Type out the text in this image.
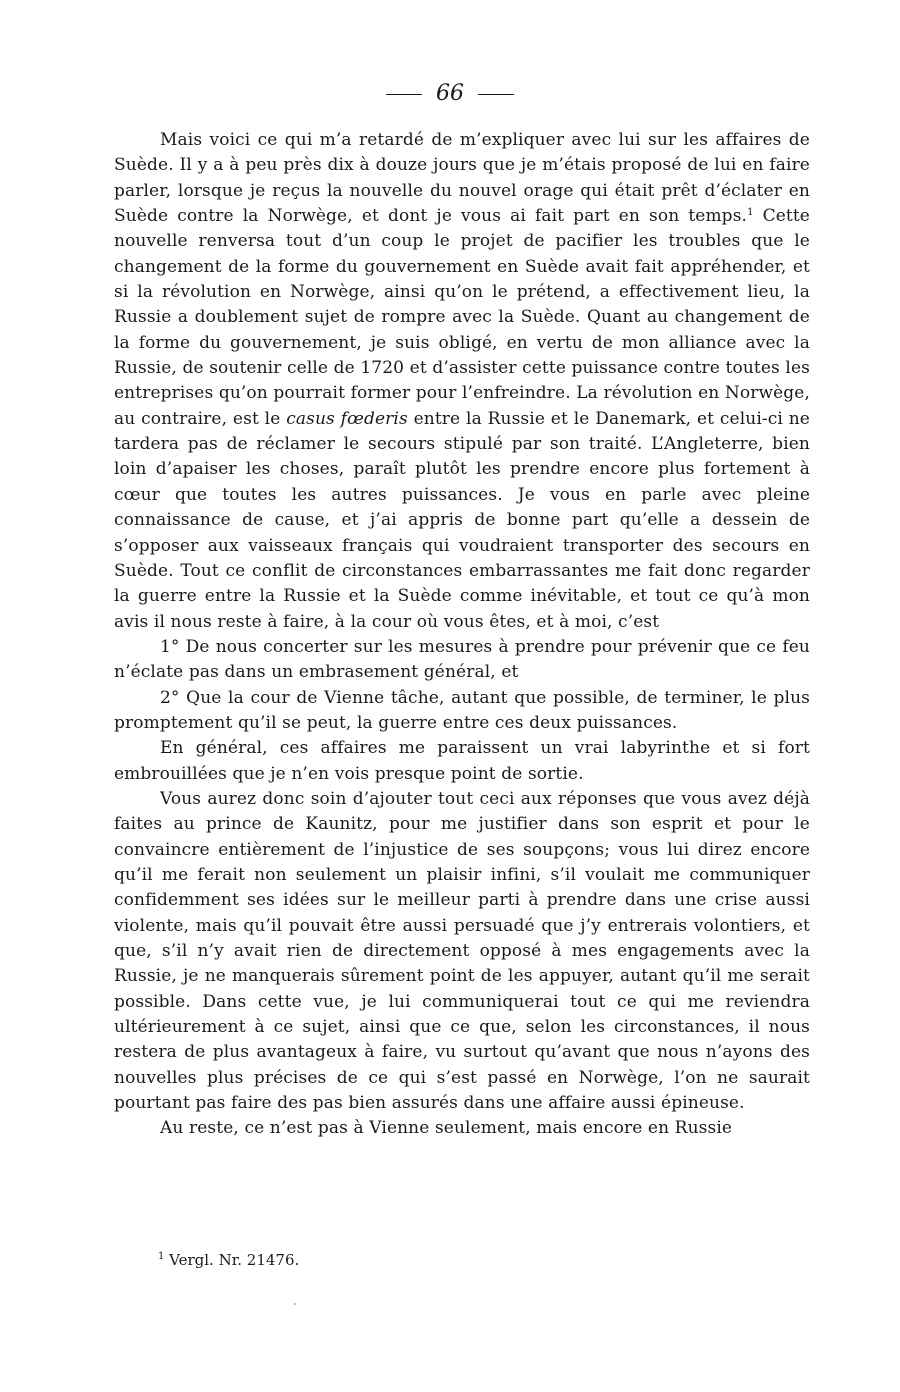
66

Mais voici ce qui m’a retardé de m’expliquer avec lui sur les affaires de Suède. Il y a à peu près dix à douze jours que je m’étais proposé de lui en faire parler, lorsque je reçus la nouvelle du nouvel orage qui était prêt d’éclater en Suède contre la Norwège, et dont je vous ai fait part en son temps.$^1$ Cette nouvelle renversa tout d’un coup le projet de pacifier les troubles que le changement de la forme du gouvernement en Suède avait fait appréhender, et si la révolution en Norwège, ainsi qu’on le prétend, a effectivement lieu, la Russie a doublement sujet de rompre avec la Suède. Quant au changement de la forme du gouvernement, je suis obligé, en vertu de mon alliance avec la Russie, de soutenir celle de 1720 et d’assister cette puissance contre toutes les entreprises qu’on pourrait former pour l’enfreindre. La révolution en Norwège, au contraire, est le casus fœderis entre la Russie et le Danemark, et celui-ci ne tardera pas de réclamer le secours stipulé par son traité. L’Angleterre, bien loin d’apaiser les choses, paraît plutôt les prendre encore plus fortement à cœur que toutes les autres puissances. Je vous en parle avec pleine connaissance de cause, et j’ai appris de bonne part qu’elle a dessein de s’opposer aux vaisseaux français qui voudraient transporter des secours en Suède. Tout ce conflit de circonstances embarrassantes me fait donc regarder la guerre entre la Russie et la Suède comme inévitable, et tout ce qu’à mon avis il nous reste à faire, à la cour où vous êtes, et à moi, c’est

1° De nous concerter sur les mesures à prendre pour prévenir que ce feu n’éclate pas dans un embrasement général, et

2° Que la cour de Vienne tâche, autant que possible, de terminer, le plus promptement qu’il se peut, la guerre entre ces deux puissances.

En général, ces affaires me paraissent un vrai labyrinthe et si fort embrouillées que je n’en vois presque point de sortie.

Vous aurez donc soin d’ajouter tout ceci aux réponses que vous avez déjà faites au prince de Kaunitz, pour me justifier dans son esprit et pour le convaincre entièrement de l’injustice de ses soupçons; vous lui direz encore qu’il me ferait non seulement un plaisir infini, s’il voulait me communiquer confidemment ses idées sur le meilleur parti à prendre dans une crise aussi violente, mais qu’il pouvait être aussi persuadé que j’y entrerais volontiers, et que, s’il n’y avait rien de directement opposé à mes engagements avec la Russie, je ne manquerais sûrement point de les appuyer, autant qu’il me serait possible. Dans cette vue, je lui communiquerai tout ce qui me reviendra ultérieurement à ce sujet, ainsi que ce que, selon les circonstances, il nous restera de plus avantageux à faire, vu surtout qu’avant que nous n’ayons des nouvelles plus précises de ce qui s’est passé en Norwège, l’on ne saurait pourtant pas faire des pas bien assurés dans une affaire aussi épineuse.

Au reste, ce n’est pas à Vienne seulement, mais encore en Russie

$^1$ Vergl. Nr. 21476.
